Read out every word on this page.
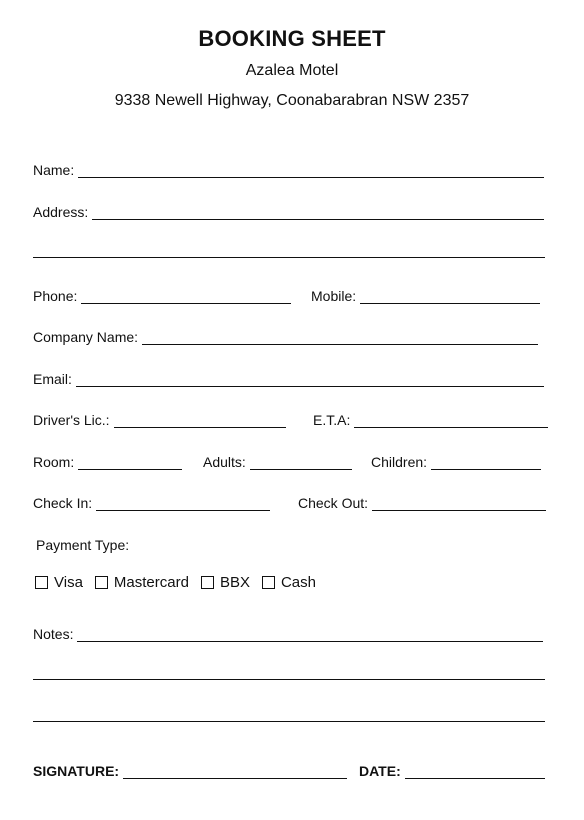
BOOKING SHEET
Azalea Motel
9338 Newell Highway, Coonabarabran NSW 2357
Name:
Address:
Phone:	Mobile:
Company Name:
Email:
Driver's Lic.:	E.T.A:
Room:	Adults:	Children:
Check In:	Check Out:
Payment Type:
Visa Mastercard BBX Cash
Notes:
SIGNATURE:	DATE:
